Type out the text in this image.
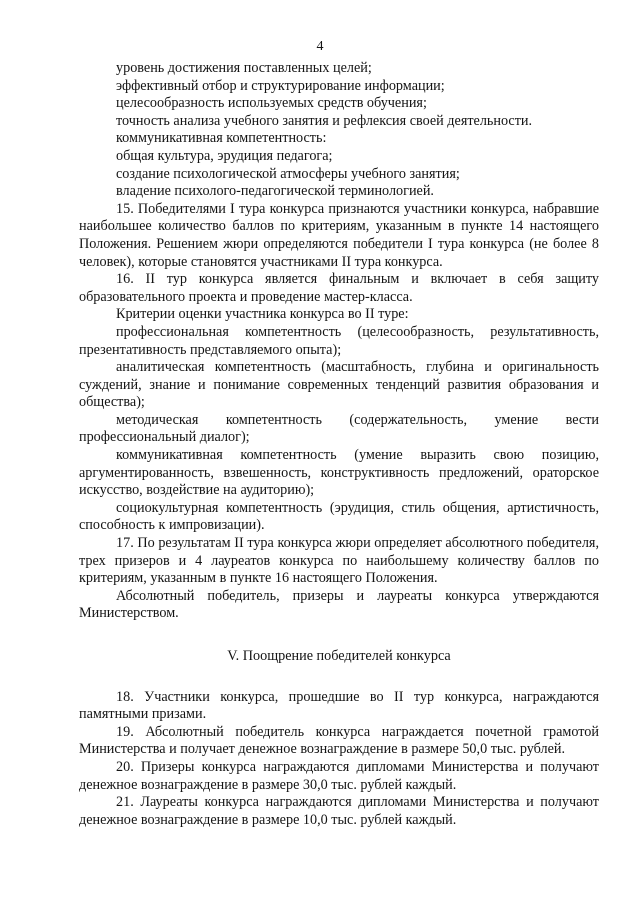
4

уровень достижения поставленных целей;

эффективный отбор и структурирование информации;

целесообразность используемых средств обучения;

точность анализа учебного занятия и рефлексия своей деятельности.

коммуникативная компетентность:

общая культура, эрудиция педагога;

создание психологической атмосферы учебного занятия;

владение психолого-педагогической терминологией.

15. Победителями I тура конкурса признаются участники конкурса, набравшие наибольшее количество баллов по критериям, указанным в пункте 14 настоящего Положения. Решением жюри определяются победители I тура конкурса (не более 8 человек), которые становятся участниками II тура конкурса.

16. II тур конкурса является финальным и включает в себя защиту образовательного проекта и проведение мастер-класса.

Критерии оценки участника конкурса во II туре:

профессиональная компетентность (целесообразность, результативность, презентативность представляемого опыта);

аналитическая компетентность (масштабность, глубина и оригинальность суждений, знание и понимание современных тенденций развития образования и общества);

методическая компетентность (содержательность, умение вести профессиональный диалог);

коммуникативная компетентность (умение выразить свою позицию, аргументированность, взвешенность, конструктивность предложений, ораторское искусство, воздействие на аудиторию);

социокультурная компетентность (эрудиция, стиль общения, артистичность, способность к импровизации).

17. По результатам II тура конкурса жюри определяет абсолютного победителя, трех призеров и 4 лауреатов конкурса по наибольшему количеству баллов по критериям, указанным в пункте 16 настоящего Положения.

Абсолютный победитель, призеры и лауреаты конкурса утверждаются Министерством.

V. Поощрение победителей конкурса

18. Участники конкурса, прошедшие во II тур конкурса, награждаются памятными призами.

19. Абсолютный победитель конкурса награждается почетной грамотой Министерства и получает денежное вознаграждение в размере 50,0 тыс. рублей.

20. Призеры конкурса награждаются дипломами Министерства и получают денежное вознаграждение в размере 30,0 тыс. рублей каждый.

21. Лауреаты конкурса награждаются дипломами Министерства и получают денежное вознаграждение в размере 10,0 тыс. рублей каждый.
